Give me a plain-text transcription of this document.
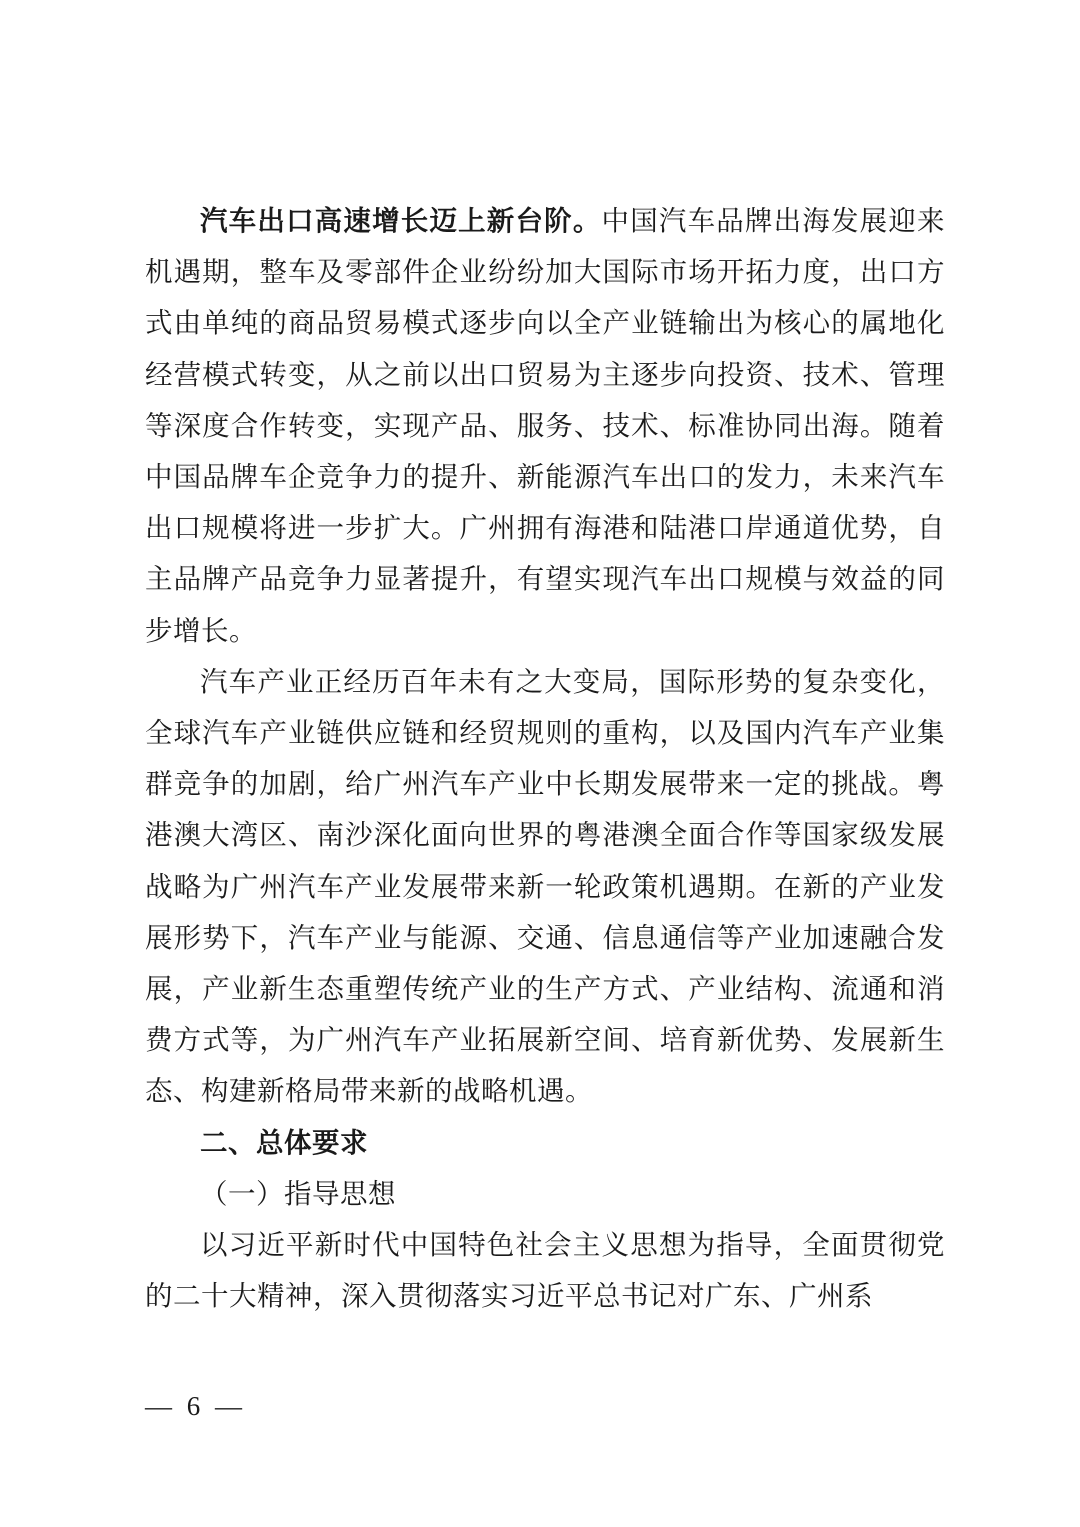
汽车出口高速增长迈上新台阶。中国汽车品牌出海发展迎来机遇期，整车及零部件企业纷纷加大国际市场开拓力度，出口方式由单纯的商品贸易模式逐步向以全产业链输出为核心的属地化经营模式转变，从之前以出口贸易为主逐步向投资、技术、管理等深度合作转变，实现产品、服务、技术、标准协同出海。随着中国品牌车企竞争力的提升、新能源汽车出口的发力，未来汽车出口规模将进一步扩大。广州拥有海港和陆港口岸通道优势，自主品牌产品竞争力显著提升，有望实现汽车出口规模与效益的同步增长。

汽车产业正经历百年未有之大变局，国际形势的复杂变化，全球汽车产业链供应链和经贸规则的重构，以及国内汽车产业集群竞争的加剧，给广州汽车产业中长期发展带来一定的挑战。粤港澳大湾区、南沙深化面向世界的粤港澳全面合作等国家级发展战略为广州汽车产业发展带来新一轮政策机遇期。在新的产业发展形势下，汽车产业与能源、交通、信息通信等产业加速融合发展，产业新生态重塑传统产业的生产方式、产业结构、流通和消费方式等，为广州汽车产业拓展新空间、培育新优势、发展新生态、构建新格局带来新的战略机遇。

二、总体要求

（一）指导思想

以习近平新时代中国特色社会主义思想为指导，全面贯彻党的二十大精神，深入贯彻落实习近平总书记对广东、广州系

— 6 —
